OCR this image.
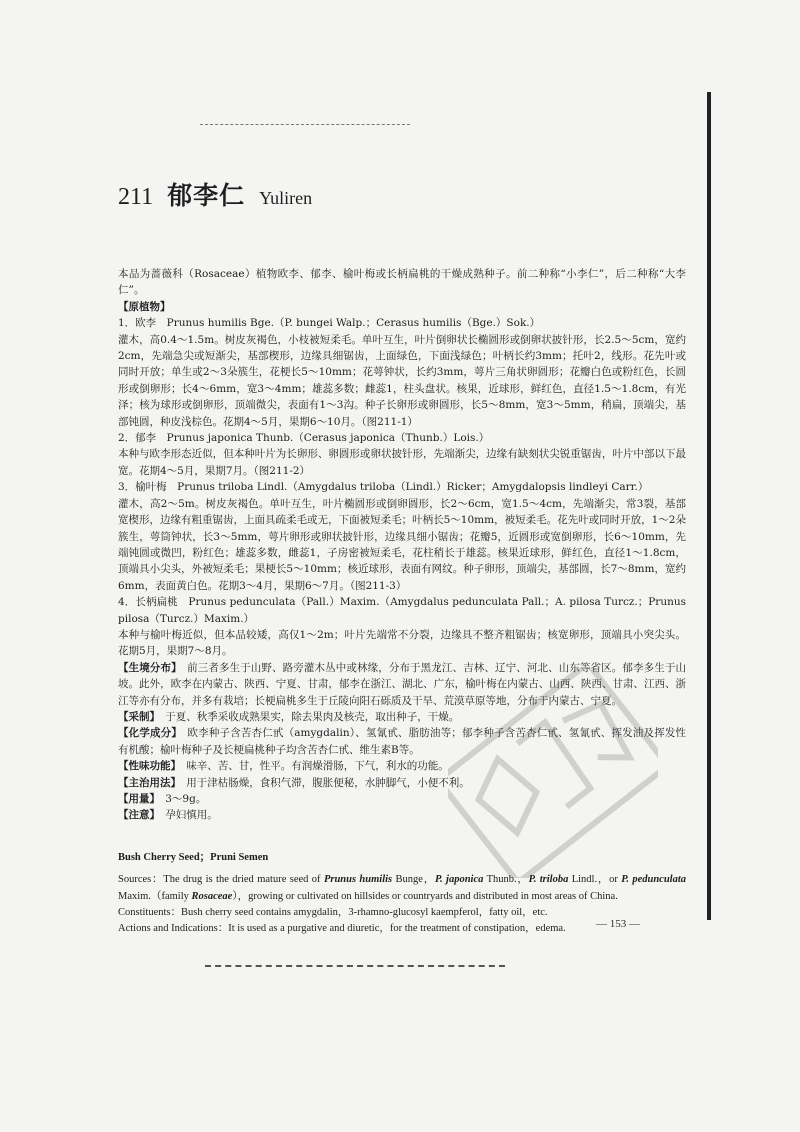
211 郁李仁 Yuliren

本品为蔷薇科（Rosaceae）植物欧李、郁李、榆叶梅或长柄扁桃的干燥成熟种子。前二种称“小李仁”，后二种称“大李仁”。

【原植物】

1．欧李　Prunus humilis Bge.（P. bungei Walp.；Cerasus humilis（Bge.）Sok.）

灌木，高0.4～1.5m。树皮灰褐色，小枝被短柔毛。单叶互生，叶片倒卵状长椭圆形或倒卵状披针形，长2.5～5cm，宽约2cm，先端急尖或短渐尖，基部楔形，边缘具细锯齿，上面绿色，下面浅绿色；叶柄长约3mm；托叶2，线形。花先叶或同时开放；单生或2～3朵簇生，花梗长5～10mm；花萼钟状，长约3mm，萼片三角状卵圆形；花瓣白色或粉红色，长圆形或倒卵形；长4～6mm，宽3～4mm；雄蕊多数；雌蕊1，柱头盘状。核果，近球形，鲜红色，直径1.5～1.8cm，有光泽；核为球形或倒卵形，顶端微尖，表面有1～3沟。种子长卵形或卵圆形，长5～8mm，宽3～5mm，稍扁，顶端尖，基部钝圆，种皮浅棕色。花期4～5月，果期6～10月。（图211-1）

2．郁李　Prunus japonica Thunb.（Cerasus japonica（Thunb.）Lois.）

本种与欧李形态近似，但本种叶片为长卵形、卵圆形或卵状披针形，先端渐尖，边缘有缺刻状尖锐重锯齿，叶片中部以下最宽。花期4～5月，果期7月。（图211-2）

3．榆叶梅　Prunus triloba Lindl.（Amygdalus triloba（Lindl.）Ricker；Amygdalopsis lindleyi Carr.）

灌木，高2～5m。树皮灰褐色。单叶互生，叶片椭圆形或倒卵圆形，长2～6cm，宽1.5～4cm，先端渐尖，常3裂，基部宽楔形，边缘有粗重锯齿，上面具疏柔毛或无，下面被短柔毛；叶柄长5～10mm，被短柔毛。花先叶或同时开放，1～2朵簇生，萼筒钟状，长3～5mm，萼片卵形或卵状披针形，边缘具细小锯齿；花瓣5，近圆形或宽倒卵形，长6～10mm，先端钝圆或微凹，粉红色；雄蕊多数，雌蕊1，子房密被短柔毛，花柱稍长于雄蕊。核果近球形，鲜红色，直径1～1.8cm，顶端具小尖头，外被短柔毛；果梗长5～10mm；核近球形，表面有网纹。种子卵形，顶端尖，基部圆，长7～8mm，宽约6mm，表面黄白色。花期3～4月，果期6～7月。（图211-3）

4．长柄扁桃　Prunus pedunculata（Pall.）Maxim.（Amygdalus pedunculata Pall.；A. pilosa Turcz.；Prunus pilosa（Turcz.）Maxim.）

本种与榆叶梅近似，但本品较矮，高仅1～2m；叶片先端常不分裂，边缘具不整齐粗锯齿；核宽卵形，顶端具小突尖头。花期5月，果期7～8月。

【生境分布】　前三者多生于山野、路旁灌木丛中或林缘，分布于黑龙江、吉林、辽宁、河北、山东等省区。郁李多生于山坡。此外，欧李在内蒙古、陕西、宁夏、甘肃，郁李在浙江、湖北、广东，榆叶梅在内蒙古、山西、陕西、甘肃、江西、浙江等亦有分布，并多有栽培；长梗扁桃多生于丘陵向阳石砾质及干旱、荒漠草原等地，分布于内蒙古、宁夏。

【采制】　于夏、秋季采收成熟果实，除去果肉及核壳，取出种子，干燥。

【化学成分】　欧李种子含苦杏仁甙（amygdalin）、氢氰甙、脂肪油等；郁李种子含苦杏仁甙、氢氰甙、挥发油及挥发性有机酸；榆叶梅种子及长梗扁桃种子均含苦杏仁甙、维生素B等。

【性味功能】　味辛、苦、甘，性平。有润燥滑肠，下气，利水的功能。

【主治用法】　用于津枯肠燥，食积气滞，腹胀便秘，水肿脚气，小便不利。

【用量】　3～9g。

【注意】　孕妇慎用。

Bush Cherry Seed；Pruni Semen

Sources：The drug is the dried mature seed of Prunus humilis Bunge，P. japonica Thunb.，P. triloba Lindl.，or P. pedunculata Maxim.（family Rosaceae），growing or cultivated on hillsides or countryards and distributed in most areas of China.

Constituents：Bush cherry seed contains amygdalin，3-rhamno-glucosyl kaempferol，fatty oil，etc.

Actions and Indications：It is used as a purgative and diuretic，for the treatment of constipation，edema.	— 153 —
